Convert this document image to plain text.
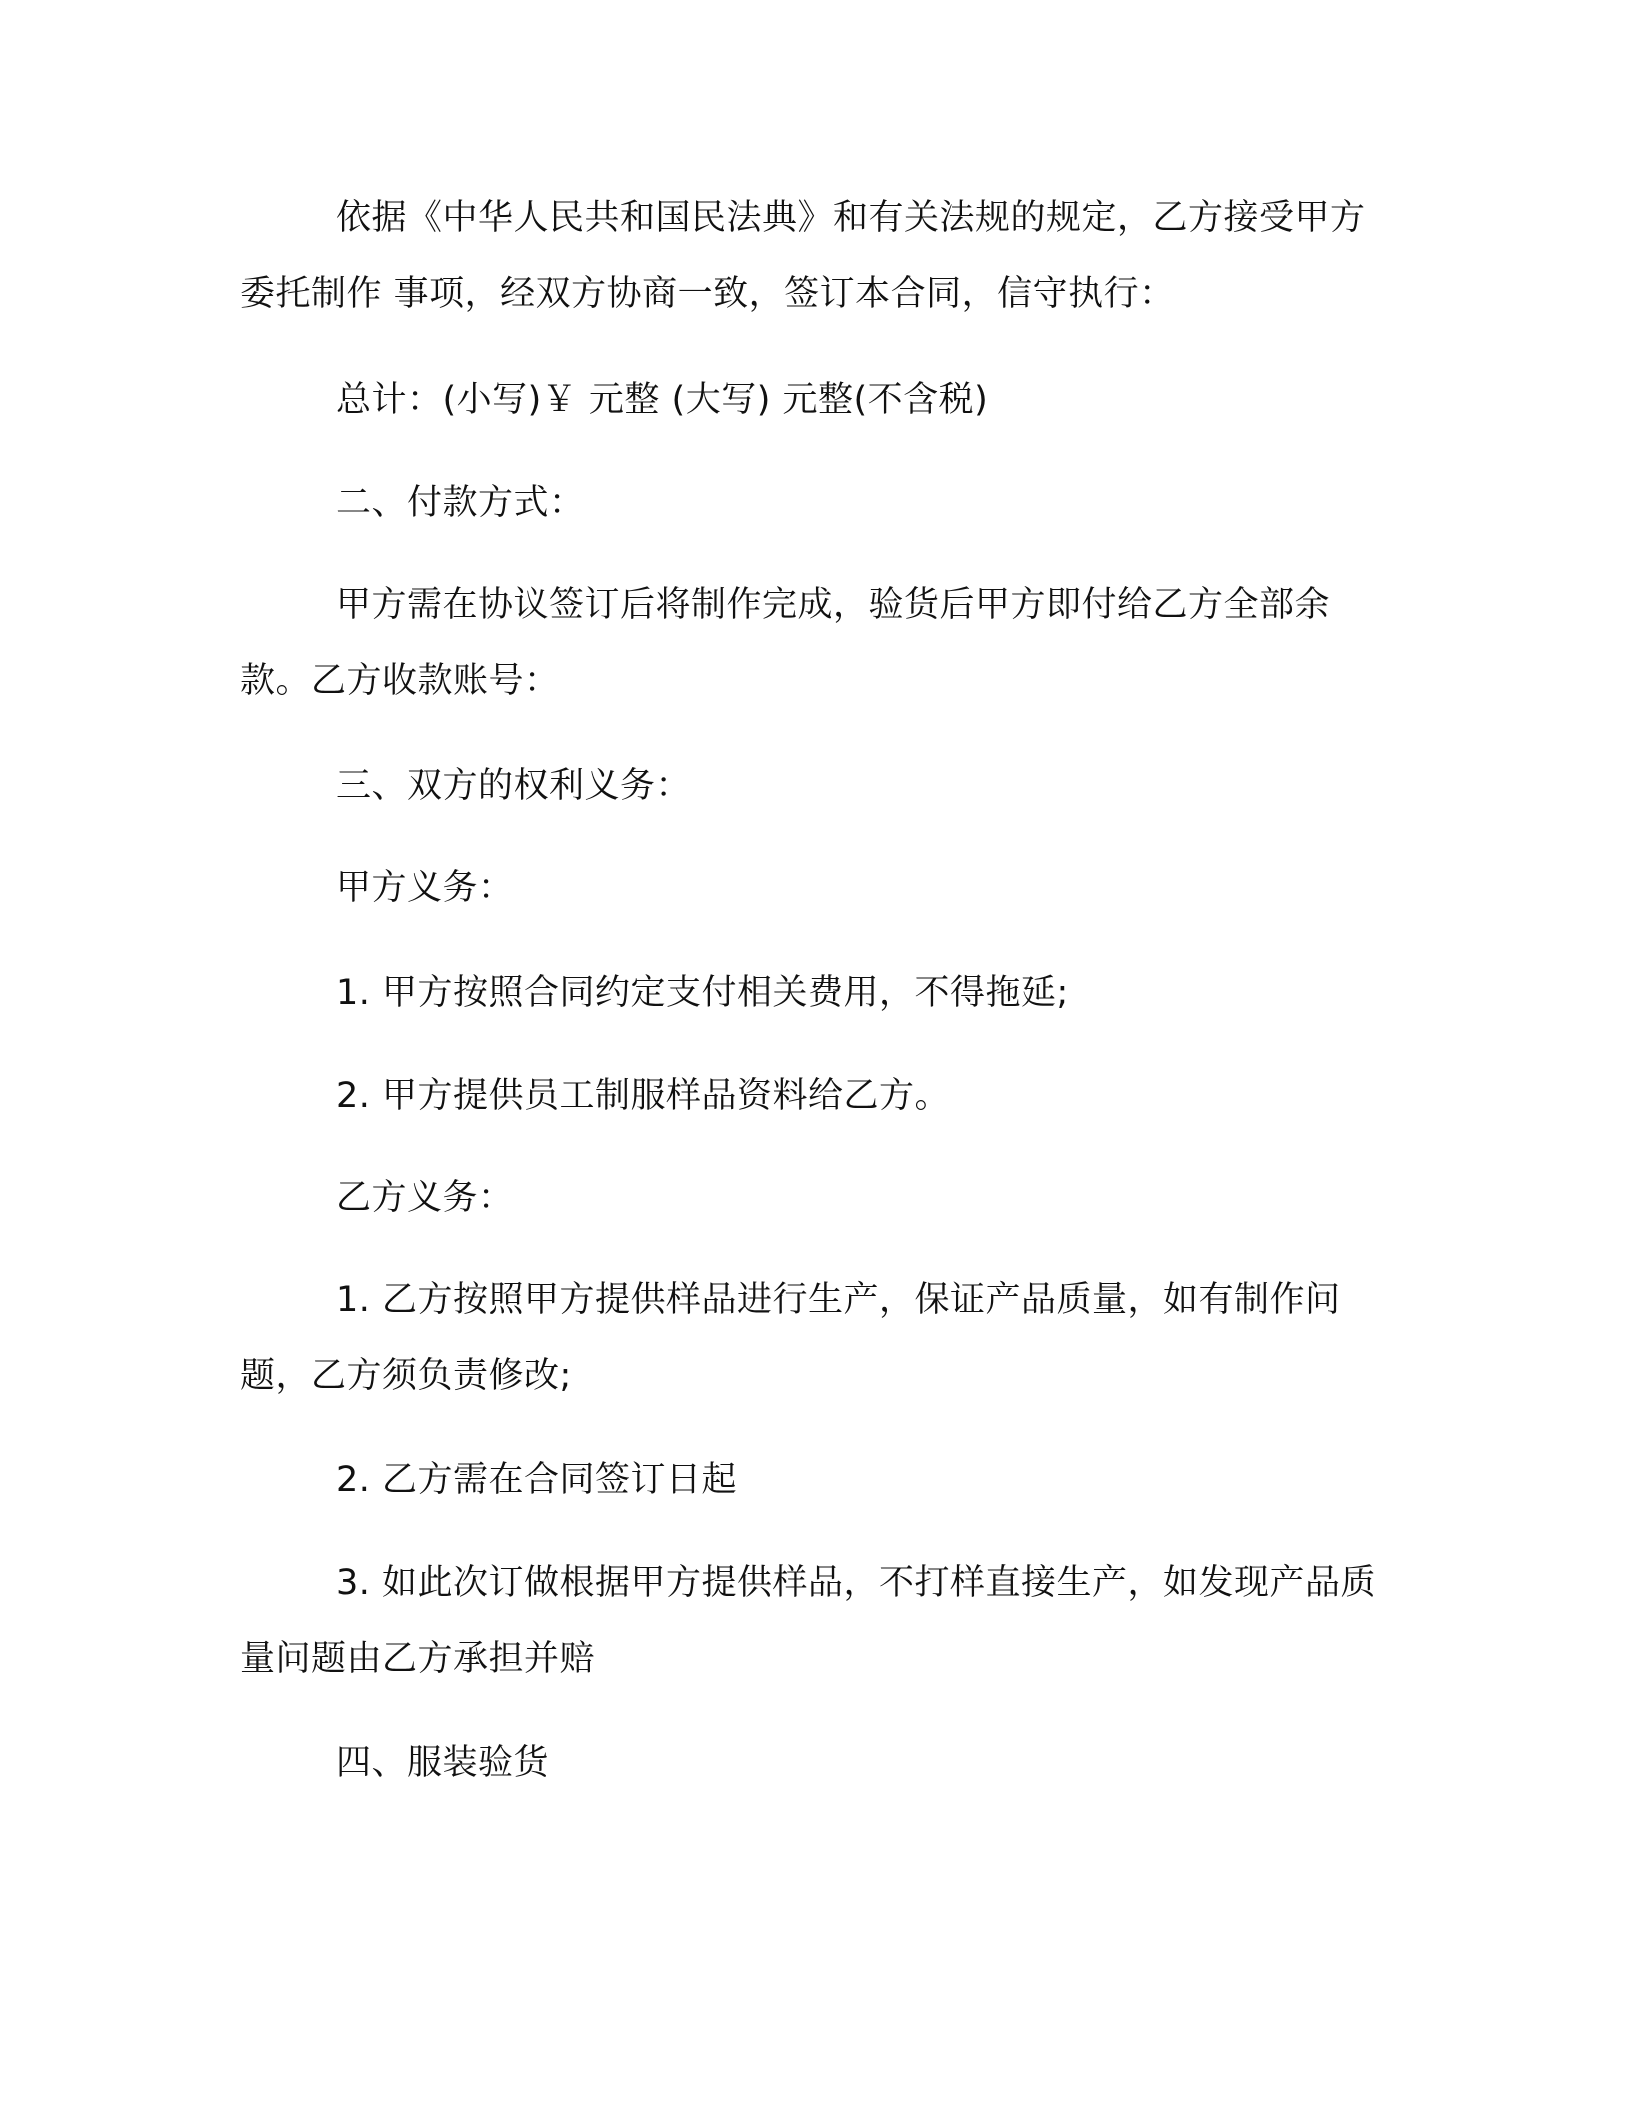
依据《中华人民共和国民法典》和有关法规的规定，乙方接受甲方委托制作 事项，经双方协商一致，签订本合同，信守执行：

总计：(小写)￥ 元整 (大写) 元整(不含税)

二、付款方式：

甲方需在协议签订后将制作完成，验货后甲方即付给乙方全部余款。乙方收款账号：

三、双方的权利义务：

甲方义务：

1. 甲方按照合同约定支付相关费用，不得拖延;

2. 甲方提供员工制服样品资料给乙方。

乙方义务：

1. 乙方按照甲方提供样品进行生产，保证产品质量，如有制作问题，乙方须负责修改;

2. 乙方需在合同签订日起

3. 如此次订做根据甲方提供样品，不打样直接生产，如发现产品质量问题由乙方承担并赔

四、服装验货
